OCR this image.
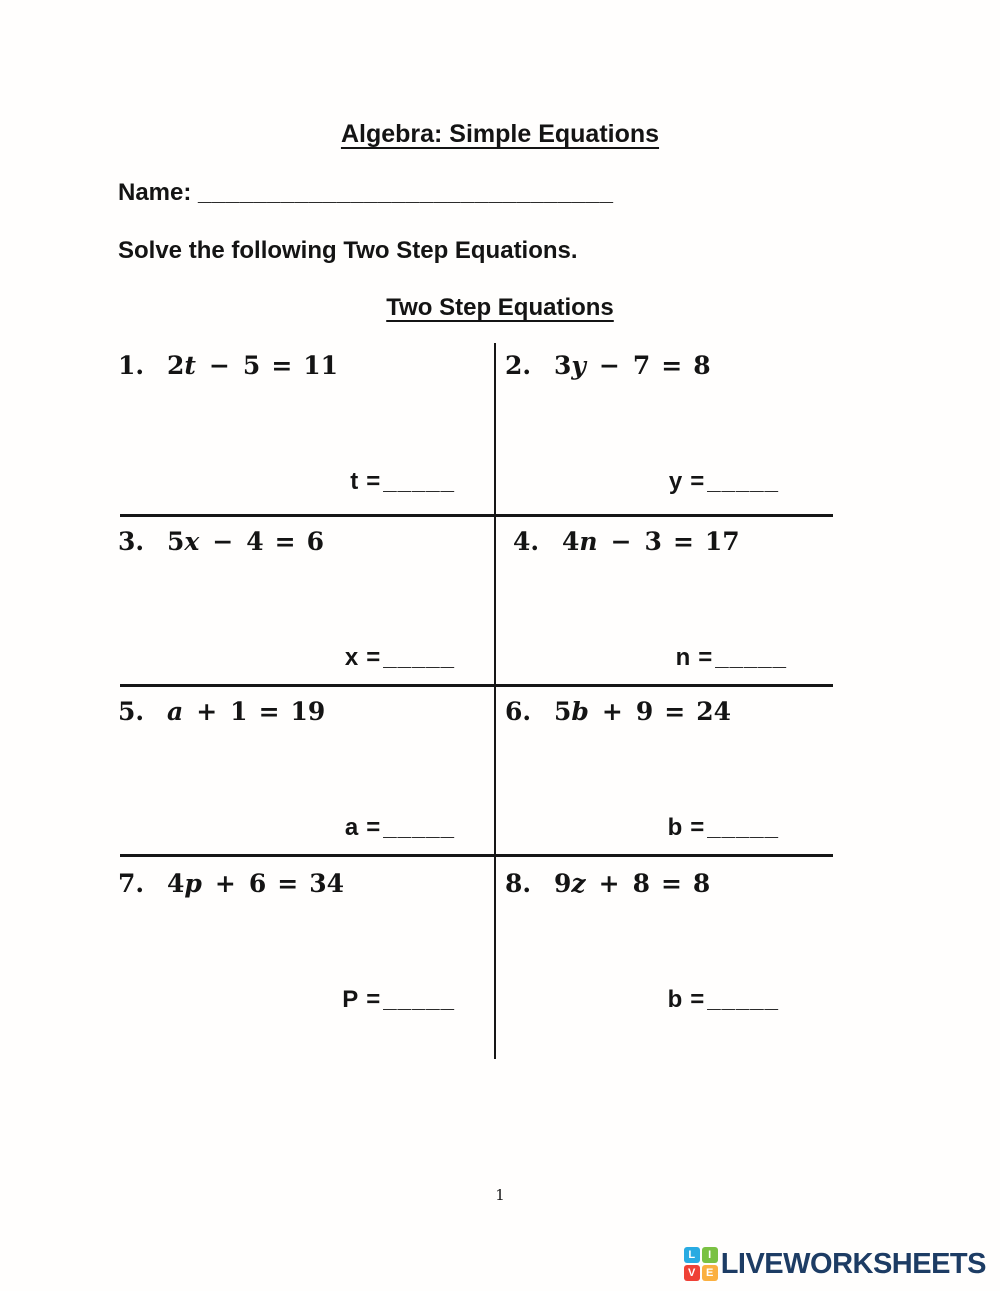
Algebra: Simple Equations
Name: ______________________________
Solve the following Two Step Equations.
Two Step Equations
1. 2t − 5 = 11
t = _____
2. 3y − 7 = 8
y = _____
3. 5x − 4 = 6
x = _____
4. 4n − 3 = 17
n = _____
5. a + 1 = 19
a = _____
6. 5b + 9 = 24
b = _____
7. 4p + 6 = 34
P = _____
8. 9z + 8 = 8
b = _____
1
L	I
V E LIVEWORKSHEETS
